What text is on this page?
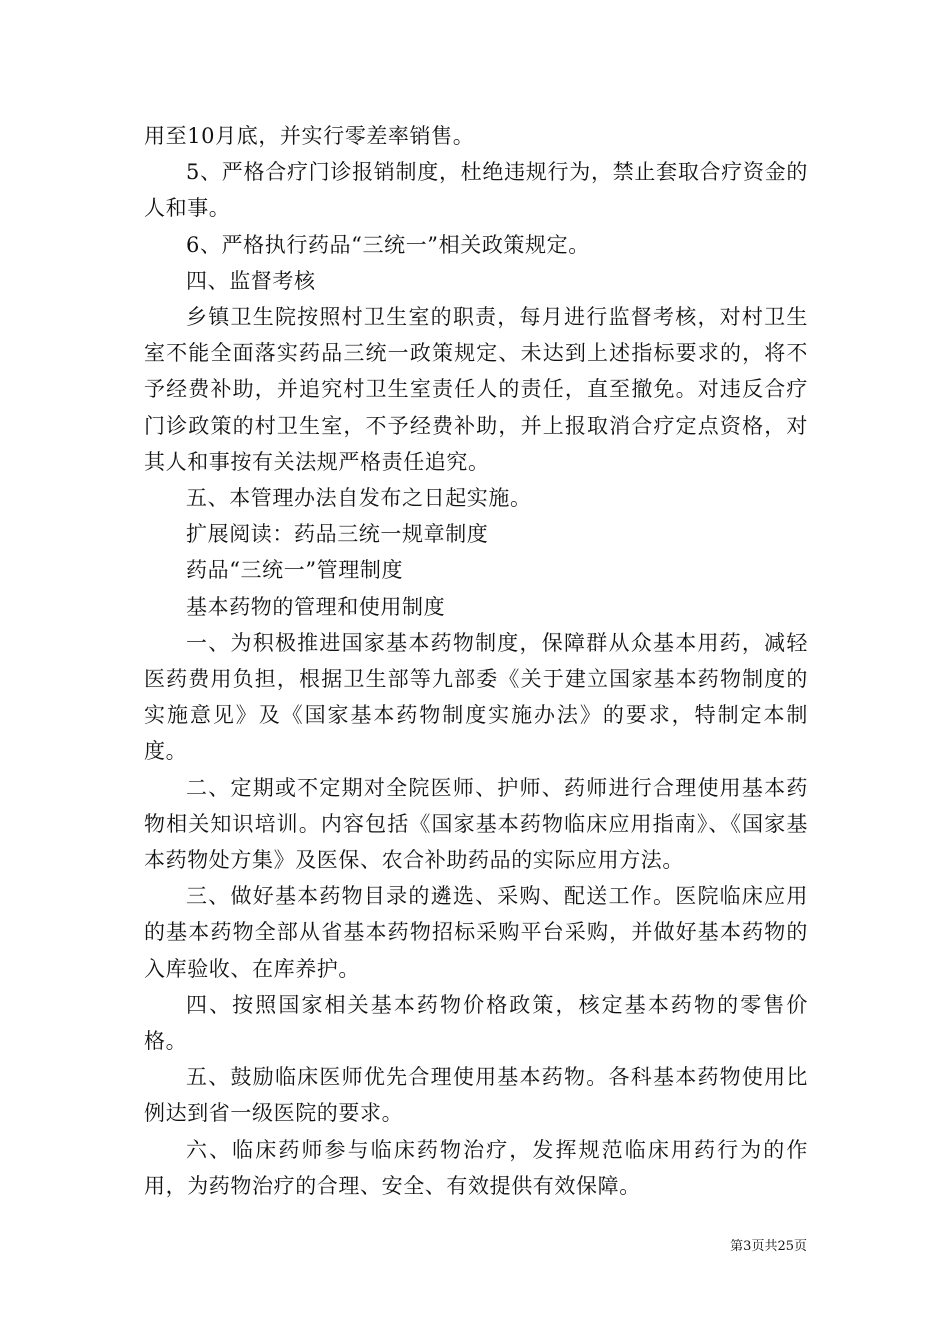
用至10月底，并实行零差率销售。

5、严格合疗门诊报销制度，杜绝违规行为，禁止套取合疗资金的人和事。

6、严格执行药品“三统一”相关政策规定。

四、监督考核

乡镇卫生院按照村卫生室的职责，每月进行监督考核，对村卫生室不能全面落实药品三统一政策规定、未达到上述指标要求的，将不予经费补助，并追究村卫生室责任人的责任，直至撤免。对违反合疗门诊政策的村卫生室，不予经费补助，并上报取消合疗定点资格，对其人和事按有关法规严格责任追究。

五、本管理办法自发布之日起实施。

扩展阅读：药品三统一规章制度

药品“三统一”管理制度

基本药物的管理和使用制度

一、为积极推进国家基本药物制度，保障群从众基本用药，减轻医药费用负担，根据卫生部等九部委《关于建立国家基本药物制度的实施意见》及《国家基本药物制度实施办法》的要求，特制定本制度。

二、定期或不定期对全院医师、护师、药师进行合理使用基本药物相关知识培训。内容包括《国家基本药物临床应用指南》、《国家基本药物处方集》及医保、农合补助药品的实际应用方法。

三、做好基本药物目录的遴选、采购、配送工作。医院临床应用的基本药物全部从省基本药物招标采购平台采购，并做好基本药物的入库验收、在库养护。

四、按照国家相关基本药物价格政策，核定基本药物的零售价格。

五、鼓励临床医师优先合理使用基本药物。各科基本药物使用比例达到省一级医院的要求。

六、临床药师参与临床药物治疗，发挥规范临床用药行为的作用，为药物治疗的合理、安全、有效提供有效保障。

第3页共25页
